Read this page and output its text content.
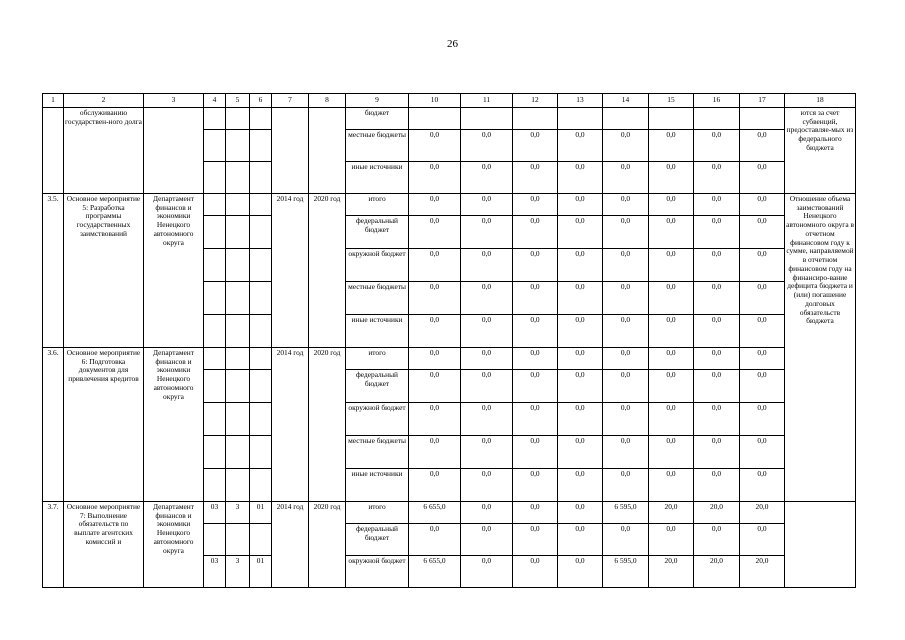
26
1	2	3	4	5	6	7	8	9	10	11	12	13	14	15	16	17	18
	обслуживанию государствен-ного долга							бюджет									ются за счет субвенций, предоставляе-мых из федерального бюджета
								местные бюджеты	0,0	0,0	0,0	0,0	0,0	0,0	0,0	0,0	
								иные источники	0,0	0,0	0,0	0,0	0,0	0,0	0,0	0,0	
3.5.	Основное мероприятие 5: Разработка программы государственных заимствований	Департамент финансов и экономики Ненецкого автономного округа				2014 год	2020 год	итого	0,0	0,0	0,0	0,0	0,0	0,0	0,0	0,0	Отношение объема заимствований Ненецкого автономного округа в отчетном финансовом году к сумме, направляемой в отчетном финансовом году на финансиро-вание дефицита бюджета и (или) погашение долговых обязательств бюджета
								федеральный бюджет	0,0	0,0	0,0	0,0	0,0	0,0	0,0	0,0	
								окружной бюджет	0,0	0,0	0,0	0,0	0,0	0,0	0,0	0,0	
								местные бюджеты	0,0	0,0	0,0	0,0	0,0	0,0	0,0	0,0	
								иные источники	0,0	0,0	0,0	0,0	0,0	0,0	0,0	0,0	
3.6.	Основное мероприятие 6: Подготовка документов для привлечения кредитов	Департамент финансов и экономики Ненецкого автономного округа				2014 год	2020 год	итого	0,0	0,0	0,0	0,0	0,0	0,0	0,0	0,0	
								федеральный бюджет	0,0	0,0	0,0	0,0	0,0	0,0	0,0	0,0	
								окружной бюджет	0,0	0,0	0,0	0,0	0,0	0,0	0,0	0,0	
								местные бюджеты	0,0	0,0	0,0	0,0	0,0	0,0	0,0	0,0	
								иные источники	0,0	0,0	0,0	0,0	0,0	0,0	0,0	0,0	
3.7.	Основное мероприятие 7: Выполнение обязательств по выплате агентских комиссий и	Департамент финансов и экономики Ненецкого автономного округа	03	3	01	2014 год	2020 год	итого	6 655,0	0,0	0,0	0,0	6 595,0	20,0	20,0	20,0	
								федеральный бюджет	0,0	0,0	0,0	0,0	0,0	0,0	0,0	0,0	
			03	3	01			окружной бюджет	6 655,0	0,0	0,0	0,0	6 595,0	20,0	20,0	20,0	
